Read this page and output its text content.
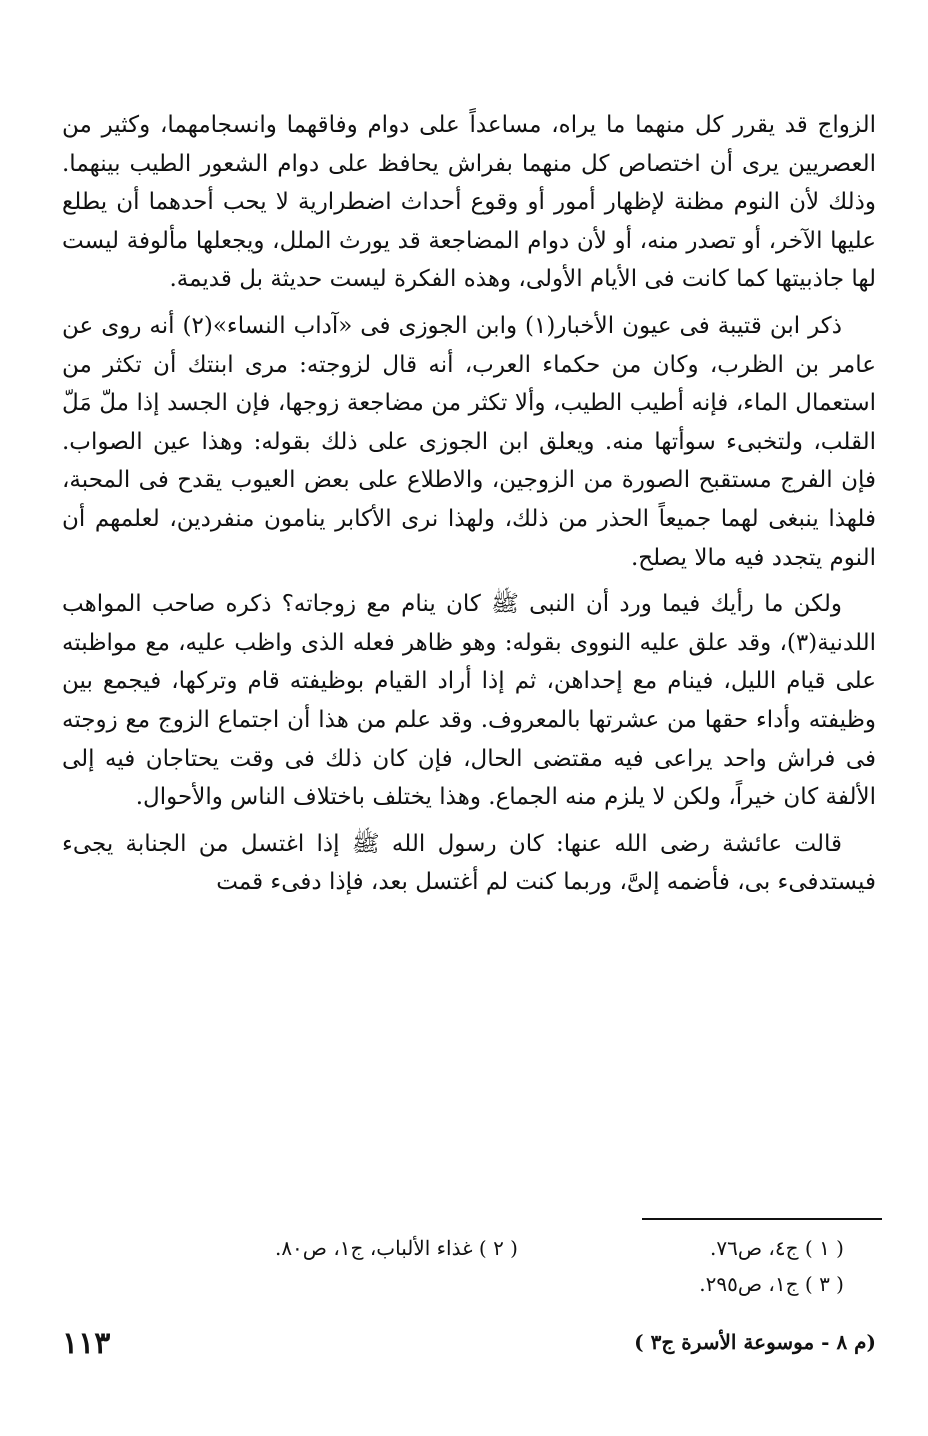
الزواج قد يقرر كل منهما ما يراه، مساعداً على دوام وفاقهما وانسجامهما، وكثير من العصريين يرى أن اختصاص كل منهما بفراش يحافظ على دوام الشعور الطيب بينهما. وذلك لأن النوم مظنة لإظهار أمور أو وقوع أحداث اضطرارية لا يحب أحدهما أن يطلع عليها الآخر، أو تصدر منه، أو لأن دوام المضاجعة قد يورث الملل، ويجعلها مألوفة ليست لها جاذبيتها كما كانت فى الأيام الأولى، وهذه الفكرة ليست حديثة بل قديمة.

ذكر ابن قتيبة فى عيون الأخبار(١) وابن الجوزى فى «آداب النساء»(٢) أنه روى عن عامر بن الظرب، وكان من حكماء العرب، أنه قال لزوجته: مرى ابنتك أن تكثر من استعمال الماء، فإنه أطيب الطيب، وألا تكثر من مضاجعة زوجها، فإن الجسد إذا ملّ مَلّ القلب، ولتخبىء سوأتها منه. ويعلق ابن الجوزى على ذلك بقوله: وهذا عين الصواب. فإن الفرج مستقبح الصورة من الزوجين، والاطلاع على بعض العيوب يقدح فى المحبة، فلهذا ينبغى لهما جميعاً الحذر من ذلك، ولهذا نرى الأكابر ينامون منفردين، لعلمهم أن النوم يتجدد فيه مالا يصلح.

ولكن ما رأيك فيما ورد أن النبى ﷺ كان ينام مع زوجاته؟ ذكره صاحب المواهب اللدنية(٣)، وقد علق عليه النووى بقوله: وهو ظاهر فعله الذى واظب عليه، مع مواظبته على قيام الليل، فينام مع إحداهن، ثم إذا أراد القيام بوظيفته قام وتركها، فيجمع بين وظيفته وأداء حقها من عشرتها بالمعروف. وقد علم من هذا أن اجتماع الزوج مع زوجته فى فراش واحد يراعى فيه مقتضى الحال، فإن كان ذلك فى وقت يحتاجان فيه إلى الألفة كان خيراً، ولكن لا يلزم منه الجماع. وهذا يختلف باختلاف الناس والأحوال.

قالت عائشة رضى الله عنها: كان رسول الله ﷺ إذا اغتسل من الجنابة يجىء فيستدفىء بى، فأضمه إلىَّ، وربما كنت لم أغتسل بعد، فإذا دفىء قمت

( ١ ) ج٤، ص٧٦.
( ٢ ) غذاء الألباب، ج١، ص٨٠.
( ٣ ) ج١، ص٢٩٥.
(م ٨ - موسوعة الأسرة ج٣ )
١١٣
